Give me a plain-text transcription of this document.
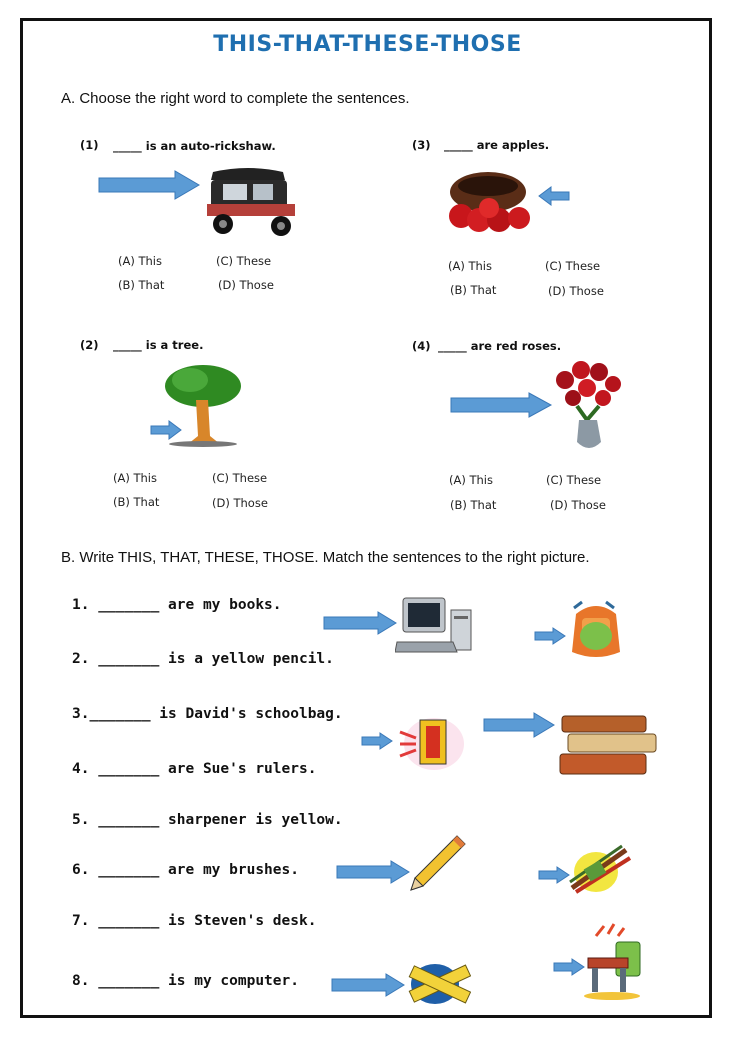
THIS-THAT-THESE-THOSE
A. Choose the right word to complete the sentences.
(1) _____ is an auto-rickshaw.
(A) This	(C) These
(B) That	(D) Those
(3) _____ are apples.
(A) This	(C) These
(B) That	(D) Those
(2) _____ is a tree.
(A) This	(C) These
(B) That	(D) Those
(4) _____ are red roses.
(A) This	(C) These
(B) That	(D) Those
B. Write THIS, THAT, THESE, THOSE. Match the sentences to the right picture.
1. _______ are my books.
2. _______ is a yellow pencil.
3._______ is David's schoolbag.
4. _______ are Sue's rulers.
5. _______ sharpener is yellow.
6. _______ are my brushes.
7. _______ is Steven's desk.
8. _______ is my computer.
